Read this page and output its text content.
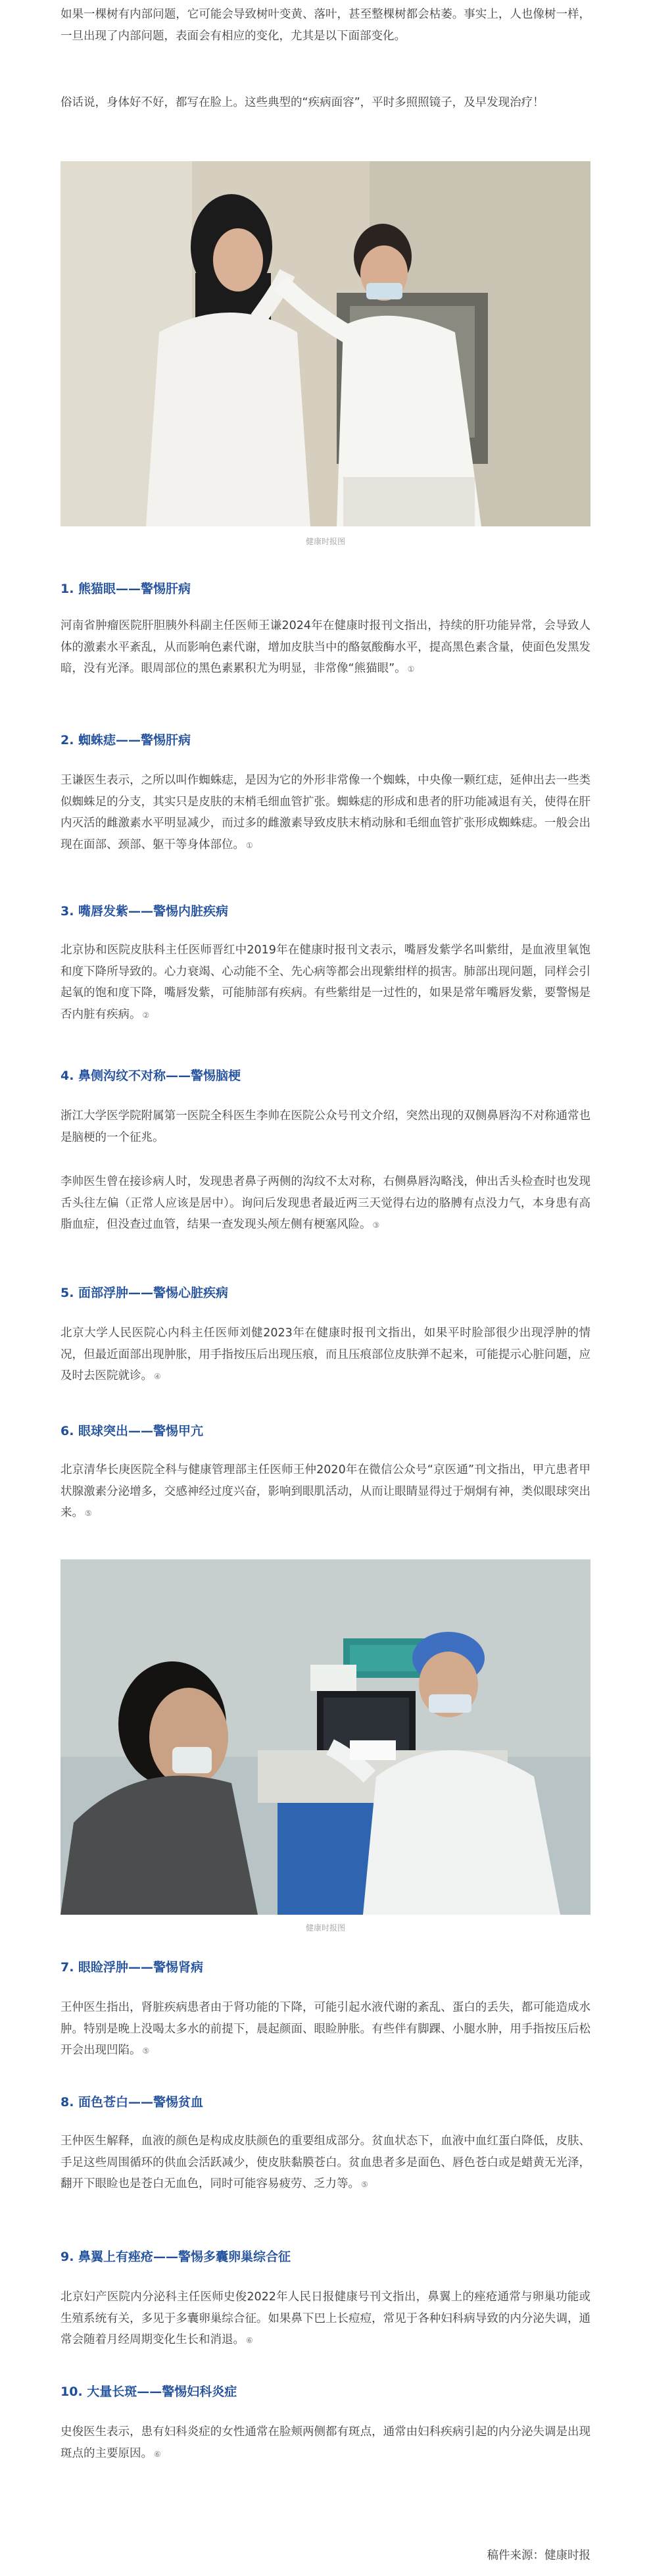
如果一棵树有内部问题，它可能会导致树叶变黄、落叶，甚至整棵树都会枯萎。事实上，人也像树一样，一旦出现了内部问题，表面会有相应的变化，尤其是以下面部变化。

俗话说，身体好不好，都写在脸上。这些典型的“疾病面容”，平时多照照镜子，及早发现治疗！

健康时报图

1. 熊猫眼——警惕肝病

河南省肿瘤医院肝胆胰外科副主任医师王谦2024年在健康时报刊文指出，持续的肝功能异常，会导致人体的激素水平紊乱，从而影响色素代谢，增加皮肤当中的酪氨酸酶水平，提高黑色素含量，使面色发黑发暗，没有光泽。眼周部位的黑色素累积尤为明显，非常像“熊猫眼”。 ①

2. 蜘蛛痣——警惕肝病

王谦医生表示，之所以叫作蜘蛛痣，是因为它的外形非常像一个蜘蛛，中央像一颗红痣，延伸出去一些类似蜘蛛足的分支，其实只是皮肤的末梢毛细血管扩张。蜘蛛痣的形成和患者的肝功能减退有关，使得在肝内灭活的雌激素水平明显减少，而过多的雌激素导致皮肤末梢动脉和毛细血管扩张形成蜘蛛痣。一般会出现在面部、颈部、躯干等身体部位。 ①

3. 嘴唇发紫——警惕内脏疾病

北京协和医院皮肤科主任医师晋红中2019年在健康时报刊文表示，嘴唇发紫学名叫紫绀，是血液里氧饱和度下降所导致的。心力衰竭、心动能不全、先心病等都会出现紫绀样的损害。肺部出现问题，同样会引起氧的饱和度下降，嘴唇发紫，可能肺部有疾病。有些紫绀是一过性的，如果是常年嘴唇发紫，要警惕是否内脏有疾病。 ②

4. 鼻侧沟纹不对称——警惕脑梗

浙江大学医学院附属第一医院全科医生李帅在医院公众号刊文介绍，突然出现的双侧鼻唇沟不对称通常也是脑梗的一个征兆。

李帅医生曾在接诊病人时，发现患者鼻子两侧的沟纹不太对称，右侧鼻唇沟略浅，伸出舌头检查时也发现舌头往左偏（正常人应该是居中）。询问后发现患者最近两三天觉得右边的胳膊有点没力气，本身患有高脂血症，但没查过血管，结果一查发现头颅左侧有梗塞风险。 ③

5. 面部浮肿——警惕心脏疾病

北京大学人民医院心内科主任医师刘健2023年在健康时报刊文指出，如果平时脸部很少出现浮肿的情况，但最近面部出现肿胀，用手指按压后出现压痕，而且压痕部位皮肤弹不起来，可能提示心脏问题，应及时去医院就诊。 ④

6. 眼球突出——警惕甲亢

北京清华长庚医院全科与健康管理部主任医师王仲2020年在微信公众号“京医通”刊文指出，甲亢患者甲状腺激素分泌增多，交感神经过度兴奋，影响到眼肌活动，从而让眼睛显得过于炯炯有神，类似眼球突出来。 ⑤

健康时报图

7. 眼睑浮肿——警惕肾病

王仲医生指出，肾脏疾病患者由于肾功能的下降，可能引起水液代谢的紊乱、蛋白的丢失，都可能造成水肿。特别是晚上没喝太多水的前提下，晨起颜面、眼睑肿胀。有些伴有脚踝、小腿水肿，用手指按压后松开会出现凹陷。 ⑤

8. 面色苍白——警惕贫血

王仲医生解释，血液的颜色是构成皮肤颜色的重要组成部分。贫血状态下，血液中血红蛋白降低，皮肤、手足这些周围循环的供血会活跃减少，使皮肤黏膜苍白。贫血患者多是面色、唇色苍白或是蜡黄无光泽，翻开下眼睑也是苍白无血色，同时可能容易疲劳、乏力等。 ⑤

9. 鼻翼上有痤疮——警惕多囊卵巢综合征

北京妇产医院内分泌科主任医师史俊2022年人民日报健康号刊文指出，鼻翼上的痤疮通常与卵巢功能或生殖系统有关，多见于多囊卵巢综合征。如果鼻下巴上长痘痘，常见于各种妇科病导致的内分泌失调，通常会随着月经周期变化生长和消退。 ⑥

10. 大量长斑——警惕妇科炎症

史俊医生表示，患有妇科炎症的女性通常在脸颊两侧都有斑点，通常由妇科疾病引起的内分泌失调是出现斑点的主要原因。 ⑥

稿件来源：健康时报
